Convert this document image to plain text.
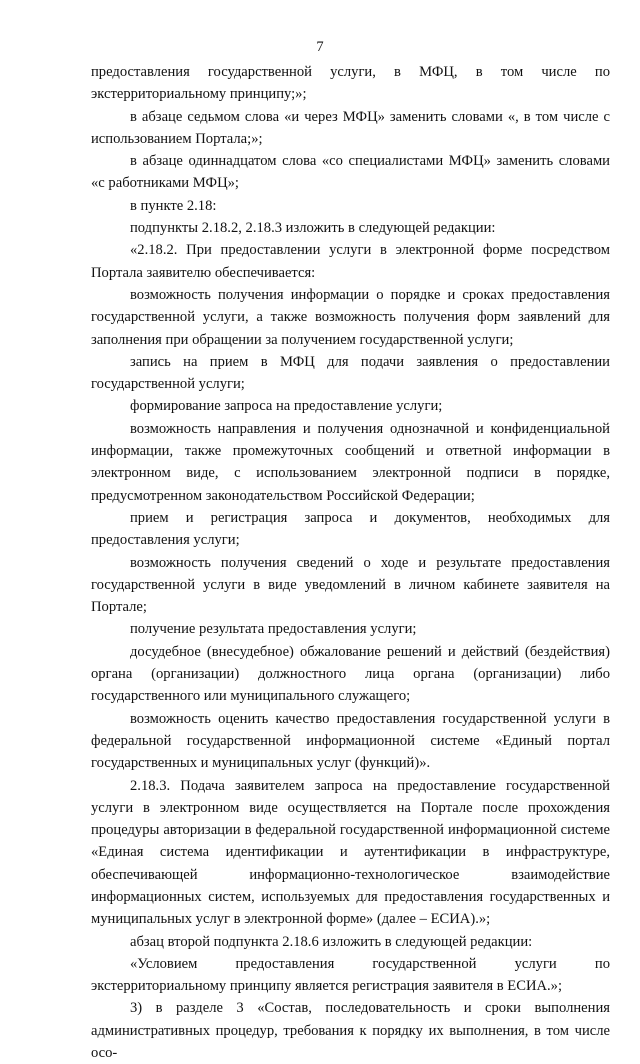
7
предоставления государственной услуги, в МФЦ, в том числе по экстерриториальному принципу;»;
в абзаце седьмом слова «и через МФЦ» заменить словами «, в том числе с использованием Портала;»;
в абзаце одиннадцатом слова «со специалистами МФЦ» заменить словами «с работниками МФЦ»;
в пункте 2.18:
подпункты 2.18.2, 2.18.3 изложить в следующей редакции:
«2.18.2. При предоставлении услуги в электронной форме посредством Портала заявителю обеспечивается:
возможность получения информации о порядке и сроках предоставления государственной услуги, а также возможность получения форм заявлений для заполнения при обращении за получением государственной услуги;
запись на прием в МФЦ для подачи заявления о предоставлении государственной услуги;
формирование запроса на предоставление услуги;
возможность направления и получения однозначной и конфиденциальной информации, также промежуточных сообщений и ответной информации в электронном виде, с использованием электронной подписи в порядке, предусмотренном законодательством Российской Федерации;
прием и регистрация запроса и документов, необходимых для предоставления услуги;
возможность получения сведений о ходе и результате предоставления государственной услуги в виде уведомлений в личном кабинете заявителя на Портале;
получение результата предоставления услуги;
досудебное (внесудебное) обжалование решений и действий (бездействия) органа (организации) должностного лица органа (организации) либо государственного или муниципального служащего;
возможность оценить качество предоставления государственной услуги в федеральной государственной информационной системе «Единый портал государственных и муниципальных услуг (функций)».
2.18.3. Подача заявителем запроса на предоставление государственной услуги в электронном виде осуществляется на Портале после прохождения процедуры авторизации в федеральной государственной информационной системе «Единая система идентификации и аутентификации в инфраструктуре, обеспечивающей информационно-технологическое взаимодействие информационных систем, используемых для предоставления государственных и муниципальных услуг в электронной форме» (далее – ЕСИА).»;
абзац второй подпункта 2.18.6 изложить в следующей редакции:
«Условием предоставления государственной услуги по экстерриториальному принципу является регистрация заявителя в ЕСИА.»;
3) в разделе 3 «Состав, последовательность и сроки выполнения административных процедур, требования к порядку их выполнения, в том числе осо-
